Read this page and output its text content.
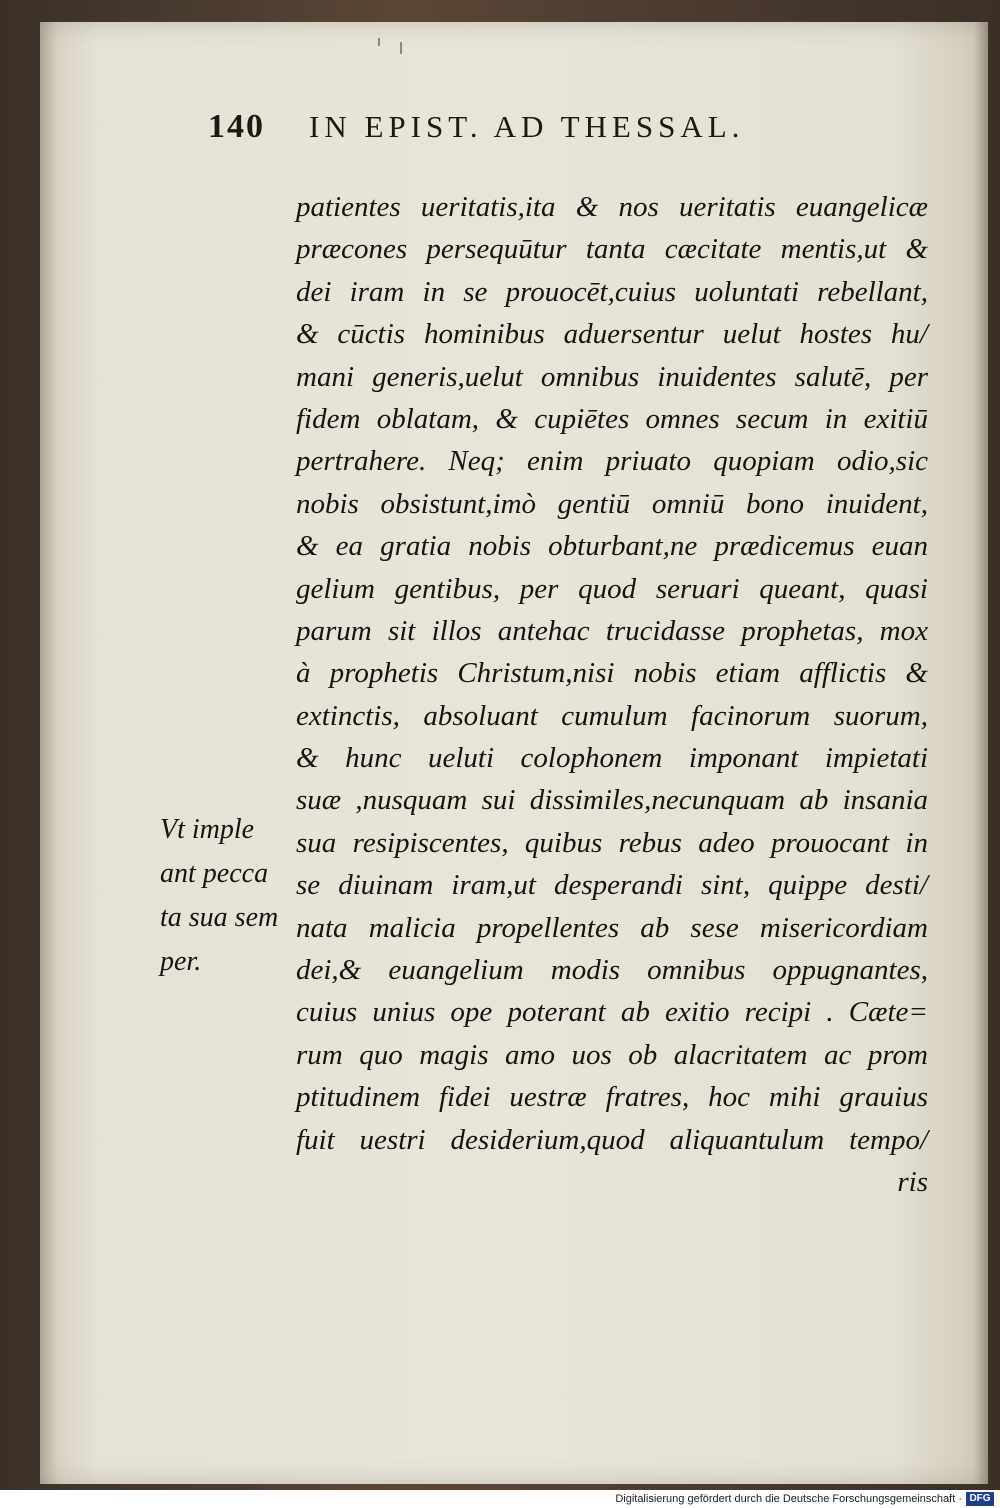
140 IN EPIST. AD THESSAL.
patientes ueritatis,ita & nos ueritatis euangelicæ
præcones persequūtur tanta cæcitate mentis,ut &
dei iram in se prouocēt,cuius uoluntati rebellant,
& cūctis hominibus aduersentur uelut hostes hu/
mani generis,uelut omnibus inuidentes salutē, per
fidem oblatam, & cupiētes omnes secum in exitiū
pertrahere. Neq; enim priuato quopiam odio,sic
nobis obsistunt,imò gentiū omniū bono inuident,
& ea gratia nobis obturbant,ne prædicemus euan
gelium gentibus, per quod seruari queant, quasi
parum sit illos antehac trucidasse prophetas, mox
à prophetis Christum,nisi nobis etiam afflictis &
extinctis, absoluant cumulum facinorum suorum,
& hunc ueluti colophonem imponant impietati
suæ ,nusquam sui dissimiles,necunquam ab insania
sua resipiscentes, quibus rebus adeo prouocant in
se diuinam iram,ut desperandi sint, quippe desti/
nata malicia propellentes ab sese misericordiam
dei,& euangelium modis omnibus oppugnantes,
cuius unius ope poterant ab exitio recipi . Cæte=
rum quo magis amo uos ob alacritatem ac prom
ptitudinem fidei uestræ fratres, hoc mihi grauius
fuit uestri desiderium,quod aliquantulum tempo/
ris
Vt imple
ant pecca
ta sua sem
per.
Digitalisierung gefördert durch die Deutsche Forschungsgemeinschaft · DFG
